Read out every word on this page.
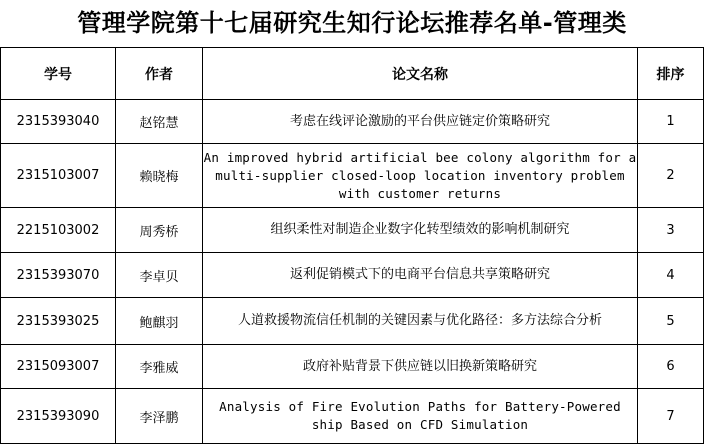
管理学院第十七届研究生知行论坛推荐名单-管理类
学号	作者	论文名称	排序
2315393040	赵铭慧	考虑在线评论激励的平台供应链定价策略研究	1
2315103007	赖晓梅	An improved hybrid artificial bee colony algorithm for a multi-supplier closed-loop location inventory problem with customer returns	2
2215103002	周秀桥	组织柔性对制造企业数字化转型绩效的影响机制研究	3
2315393070	李卓贝	返利促销模式下的电商平台信息共享策略研究	4
2315393025	鲍麒羽	人道救援物流信任机制的关键因素与优化路径：多方法综合分析	5
2315093007	李雅威	政府补贴背景下供应链以旧换新策略研究	6
2315393090	李泽鹏	Analysis of Fire Evolution Paths for Battery-Powered ship Based on CFD Simulation	7
